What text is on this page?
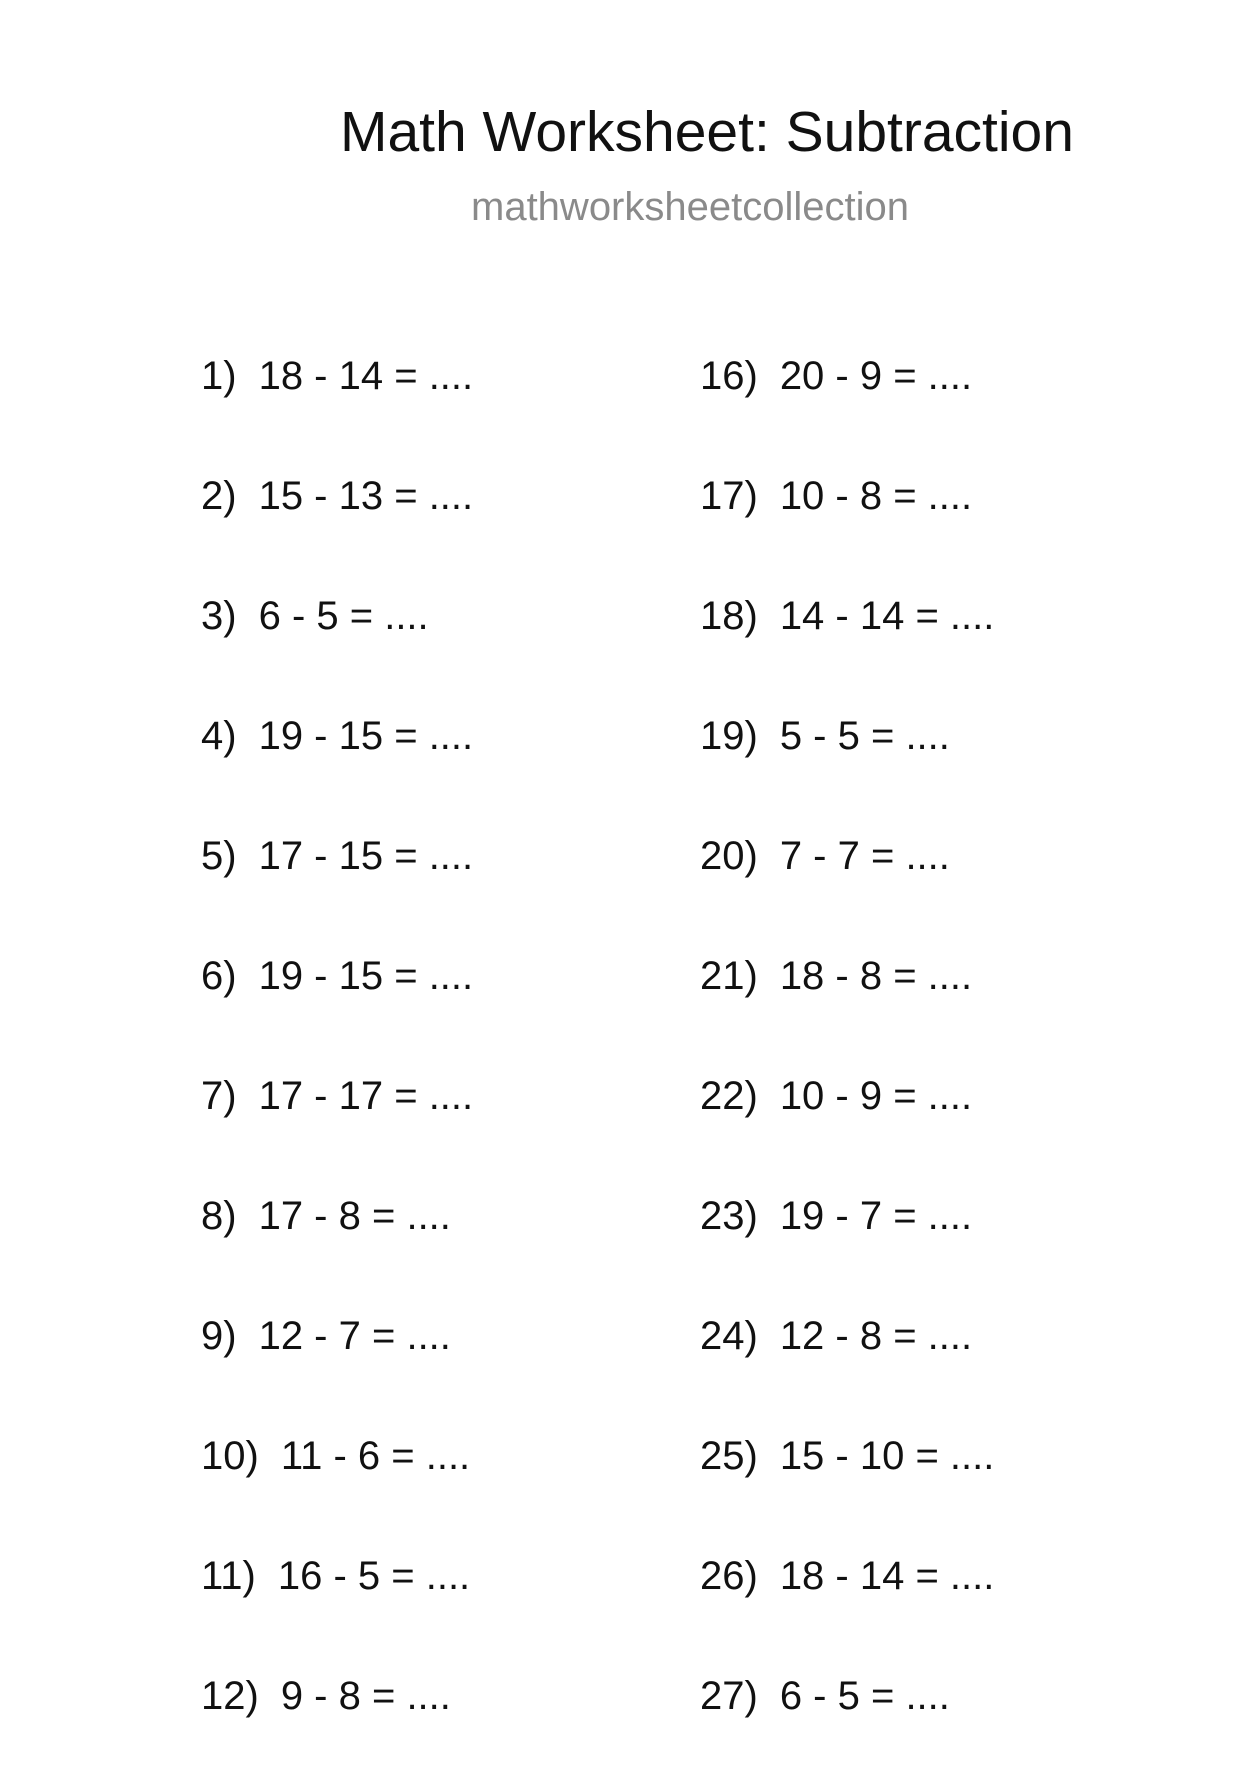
Math Worksheet: Subtraction
mathworksheetcollection
1) 18 - 14 = ....
2) 15 - 13 = ....
3) 6 - 5 = ....
4) 19 - 15 = ....
5) 17 - 15 = ....
6) 19 - 15 = ....
7) 17 - 17 = ....
8) 17 - 8 = ....
9) 12 - 7 = ....
10) 11 - 6 = ....
11) 16 - 5 = ....
12) 9 - 8 = ....
16) 20 - 9 = ....
17) 10 - 8 = ....
18) 14 - 14 = ....
19) 5 - 5 = ....
20) 7 - 7 = ....
21) 18 - 8 = ....
22) 10 - 9 = ....
23) 19 - 7 = ....
24) 12 - 8 = ....
25) 15 - 10 = ....
26) 18 - 14 = ....
27) 6 - 5 = ....
